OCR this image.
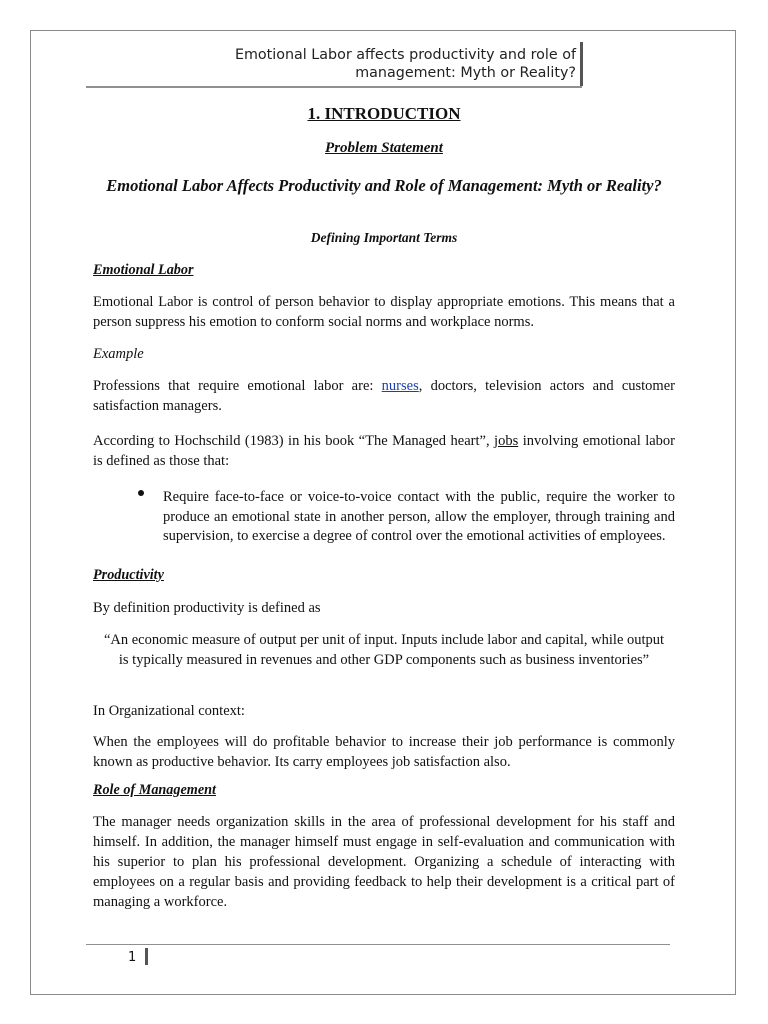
Emotional Labor affects productivity and role of
management: Myth or Reality?
1. INTRODUCTION
Problem Statement
Emotional Labor Affects Productivity and Role of Management: Myth or Reality?
Defining Important Terms
Emotional Labor
Emotional Labor is control of person behavior to display appropriate emotions. This means that a person suppress his emotion to conform social norms and workplace norms.
Example
Professions that require emotional labor are: nurses, doctors, television actors and customer satisfaction managers.
According to Hochschild (1983) in his book “The Managed heart”, jobs involving emotional labor is defined as those that:
Require face-to-face or voice-to-voice contact with the public, require the worker to produce an emotional state in another person, allow the employer, through training and supervision, to exercise a degree of control over the emotional activities of employees.
Productivity
By definition productivity is defined as
“An economic measure of output per unit of input. Inputs include labor and capital, while output is typically measured in revenues and other GDP components such as business inventories”
In Organizational context:
When the employees will do profitable behavior to increase their job performance is commonly known as productive behavior. Its carry employees job satisfaction also.
Role of Management
The manager needs organization skills in the area of professional development for his staff and himself. In addition, the manager himself must engage in self-evaluation and communication with his superior to plan his professional development. Organizing a schedule of interacting with employees on a regular basis and providing feedback to help their development is a critical part of managing a workforce.
1
